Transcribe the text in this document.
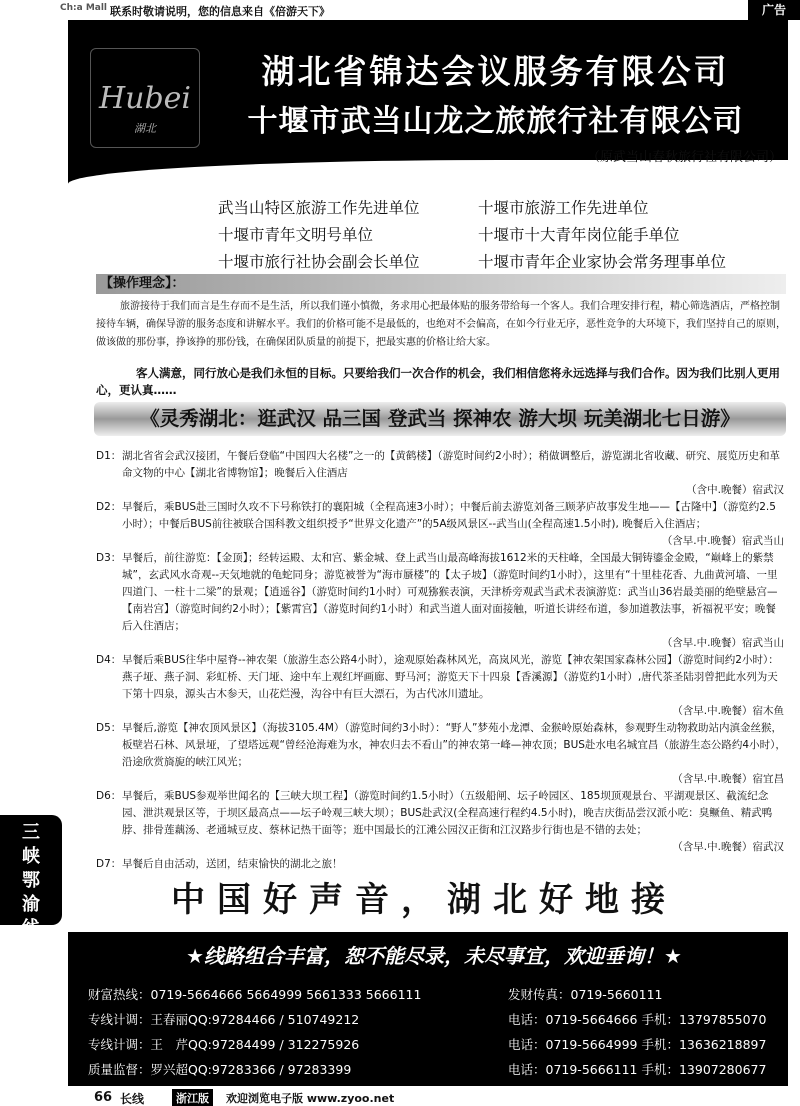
Ch:a Mall 联系时敬请说明，您的信息来自《倍游天下》	广告
三峡鄂渝线
Hubei
湖北
湖北省锦达会议服务有限公司
十堰市武当山龙之旅旅行社有限公司
（原武当山春秋旅行社有限公司）
武当山特区旅游工作先进单位	十堰市旅游工作先进单位
十堰市青年文明号单位	十堰市十大青年岗位能手单位
十堰市旅行社协会副会长单位	十堰市青年企业家协会常务理事单位
【操作理念】：
旅游接待于我们而言是生存而不是生活，所以我们谨小慎微，务求用心把最体贴的服务带给每一个客人。我们合理安排行程，精心筛选酒店，严格控制接待车辆，确保导游的服务态度和讲解水平。我们的价格可能不是最低的，也绝对不会偏高，在如今行业无序，恶性竞争的大环境下，我们坚持自己的原则，做该做的那份事，挣该挣的那份钱，在确保团队质量的前提下，把最实惠的价格让给大家。
客人满意，同行放心是我们永恒的目标。只要给我们一次合作的机会，我们相信您将永远选择与我们合作。因为我们比别人更用心，更认真……
《灵秀湖北：逛武汉 品三国 登武当 探神农 游大坝 玩美湖北七日游》
D1： 湖北省省会武汉接团，午餐后登临“中国四大名楼”之一的【黄鹤楼】（游览时间约2小时）；稍做调整后，游览湖北省收藏、研究、展览历史和革命文物的中心【湖北省博物馆】；晚餐后入住酒店
（含中.晚餐）宿武汉
D2： 早餐后，乘BUS赴三国时久攻不下号称铁打的襄阳城（全程高速3小时）；中餐后前去游览刘备三顾茅庐故事发生地——【古隆中】（游览约2.5小时）；中餐后BUS前往被联合国科教文组织授予“世界文化遗产”的5A级风景区--武当山(全程高速1.5小时), 晚餐后入住酒店；
（含早.中.晚餐）宿武当山
D3： 早餐后，前往游览：【金顶】；经转运殿、太和宫、紫金城、登上武当山最高峰海拔1612米的天柱峰，全国最大铜铸鎏金金殿，“巅峰上的紫禁城”，玄武风水奇观--天気地就的龟蛇同身；游览被誉为“海市蜃楼”的【太子坡】（游览时间约1小时），这里有“十里桂花香、九曲黄河墙、一里四道门、一柱十二梁”的景观；【逍遥谷】（游览时间约1小时）可观猕猴表演，天津桥旁观武当武术表演游览：武当山36岩最美丽的绝壁悬宫—【南岩宫】（游览时间约2小时）；【紫霄宫】（游览时间约1小时）和武当道人面对面接触，听道长讲经布道，参加道教法事，祈福祝平安；晚餐后入住酒店；
（含早.中.晚餐）宿武当山
D4： 早餐后乘BUS往华中屋脊--神农架（旅游生态公路4小时），途观原始森林风光，高岚风光，游览【神农架国家森林公园】（游览时间约2小时）：燕子垭、燕子洞、彩虹桥、天门垭、途中车上观红坪画廊、野马河；游览天下十四泉【香溪源】（游览约1小时）,唐代茶圣陆羽曾把此水列为天下第十四泉，源头古木参天，山花烂漫，沟谷中有巨大漂石，为古代冰川遗址。
（含早.中.晚餐）宿木鱼
D5： 早餐后,游览【神农顶风景区】（海拔3105.4M）（游览时间约3小时）：“野人”梦苑小龙潭、金猴岭原始森林，参观野生动物救助站内滇金丝猴，板壁岩石林、风景垭，了望塔远观“曾经沧海难为水，神农归去不看山”的神农第一峰—神农顶；BUS赴水电名城宜昌（旅游生态公路约4小时），沿途欣赏旖旎的峡江风光；
（含早.中.晚餐）宿宜昌
D6： 早餐后，乘BUS参观举世闻名的【三峡大坝工程】（游览时间约1.5小时）（五级船闸、坛子岭园区、185坝顶观景台、平湖观景区、截流纪念园、泄洪观景区等，于坝区最高点——坛子岭观三峡大坝）；BUS赴武汉(全程高速行程约4.5小时)，晚吉庆街品尝汉派小吃：臭鳜鱼、精武鸭脖、排骨莲藕汤、老通城豆皮、蔡林记热干面等；逛中国最长的江滩公园汉正街和江汉路步行街也是不错的去处；
（含早.中.晚餐）宿武汉
D7： 早餐后自由活动，送团，结束愉快的湖北之旅！
中国好声音，湖北好地接
★线路组合丰富，恕不能尽录，未尽事宜，欢迎垂询！★
财富热线：0719-5664666 5664999 5661333 5666111	发财传真：0719-5660111
专线计调：王春丽QQ:97284466 / 510749212	电话：0719-5664666 手机：13797855070
专线计调：王　芹QQ:97284499 / 312275926	电话：0719-5664999 手机：13636218897
质量监督：罗兴超QQ:97283366 / 97283399	电话：0719-5666111 手机：13907280677
66 长线	浙江版	欢迎浏览电子版 www.zyoo.net
